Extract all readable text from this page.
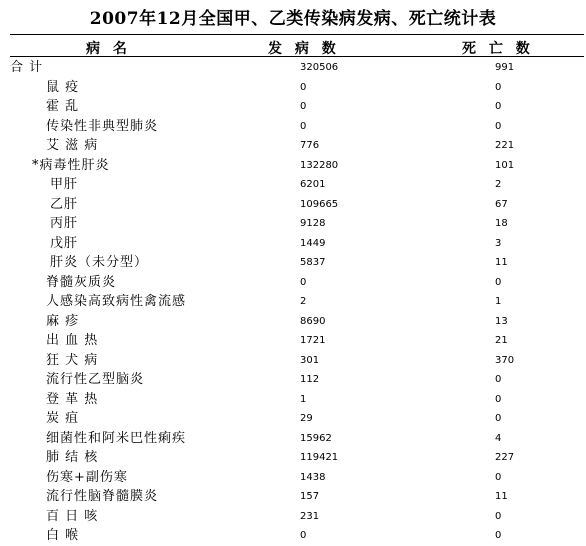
2007年12月全国甲、乙类传染病发病、死亡统计表
病 名	发 病 数	死 亡 数
合 计	320506	991
鼠 疫	0	0
霍 乱	0	0
传染性非典型肺炎	0	0
艾 滋 病	776	221
*病毒性肝炎	132280	101
甲肝	6201	2
乙肝	109665	67
丙肝	9128	18
戊肝	1449	3
肝炎（未分型）	5837	11
脊髓灰质炎	0	0
人感染高致病性禽流感	2	1
麻 疹	8690	13
出 血 热	1721	21
狂 犬 病	301	370
流行性乙型脑炎	112	0
登 革 热	1	0
炭 疽	29	0
细菌性和阿米巴性痢疾	15962	4
肺 结 核	119421	227
伤寒+副伤寒	1438	0
流行性脑脊髓膜炎	157	11
百 日 咳	231	0
白 喉	0	0
